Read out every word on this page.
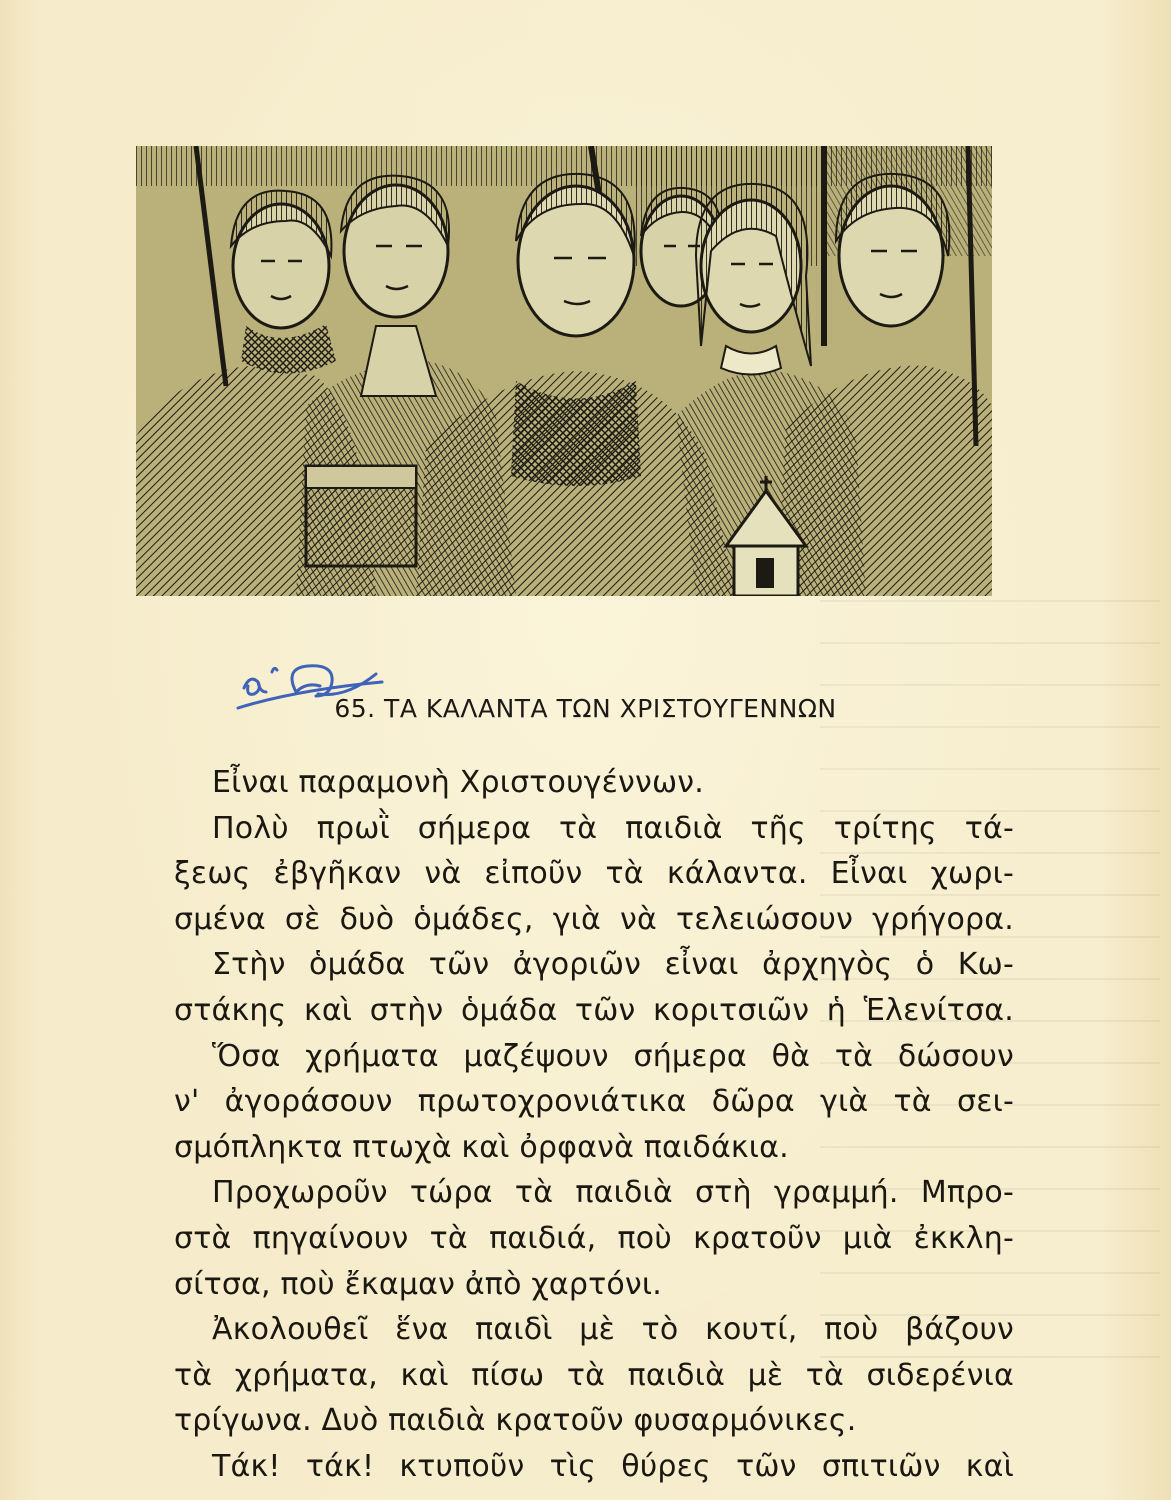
65. ΤΑ ΚΑΛΑΝΤΑ ΤΩΝ ΧΡΙΣΤΟΥΓΕΝΝΩΝ
Εἶναι παραμονὴ Χριστουγέννων.
Πολὺ πρωῒ σήμερα τὰ παιδιὰ τῆς τρίτης τά-
ξεως ἐβγῆκαν νὰ εἰποῦν τὰ κάλαντα. Εἶναι χωρι-
σμένα σὲ δυὸ ὁμάδες, γιὰ νὰ τελειώσουν γρήγορα.
Στὴν ὁμάδα τῶν ἀγοριῶν εἶναι ἀρχηγὸς ὁ Κω-
στάκης καὶ στὴν ὁμάδα τῶν κοριτσιῶν ἡ Ἑλενίτσα.
Ὅσα χρήματα μαζέψουν σήμερα θὰ τὰ δώσουν
ν' ἀγοράσουν πρωτοχρονιάτικα δῶρα γιὰ τὰ σει-
σμόπληκτα πτωχὰ καὶ ὀρφανὰ παιδάκια.
Προχωροῦν τώρα τὰ παιδιὰ στὴ γραμμή. Μπρο-
στὰ πηγαίνουν τὰ παιδιά, ποὺ κρατοῦν μιὰ ἐκκλη-
σίτσα, ποὺ ἔκαμαν ἀπὸ χαρτόνι.
Ἀκολουθεῖ ἕνα παιδὶ μὲ τὸ κουτί, ποὺ βάζουν
τὰ χρήματα, καὶ πίσω τὰ παιδιὰ μὲ τὰ σιδερένια
τρίγωνα. Δυὸ παιδιὰ κρατοῦν φυσαρμόνικες.
Τάκ! τάκ! κτυποῦν τὶς θύρες τῶν σπιτιῶν καὶ
